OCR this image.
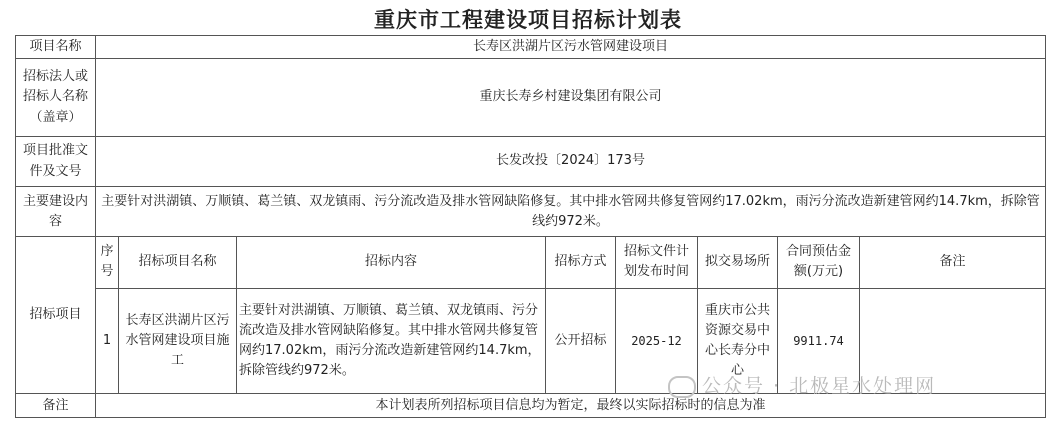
重庆市工程建设项目招标计划表
项目名称	长寿区洪湖片区污水管网建设项目							
招标法人或招标人名称（盖章）	重庆长寿乡村建设集团有限公司							
项目批准文件及文号	长发改投〔2024〕173号							
主要建设内容	主要针对洪湖镇、万顺镇、葛兰镇、双龙镇雨、污分流改造及排水管网缺陷修复。其中排水管网共修复管网约17.02km，雨污分流改造新建管网约14.7km，拆除管线约972米。							
招标项目	序号	招标项目名称	招标内容	招标方式	招标文件计划发布时间	拟交易场所	合同预估金额(万元)	备注
	1	长寿区洪湖片区污水管网建设项目施工	主要针对洪湖镇、万顺镇、葛兰镇、双龙镇雨、污分流改造及排水管网缺陷修复。其中排水管网共修复管网约17.02km，雨污分流改造新建管网约14.7km，拆除管线约972米。	公开招标	2025-12	重庆市公共资源交易中心长寿分中心	9911.74	
备注	本计划表所列招标项目信息均为暂定，最终以实际招标时的信息为准							
公众号 · 北极星水处理网
